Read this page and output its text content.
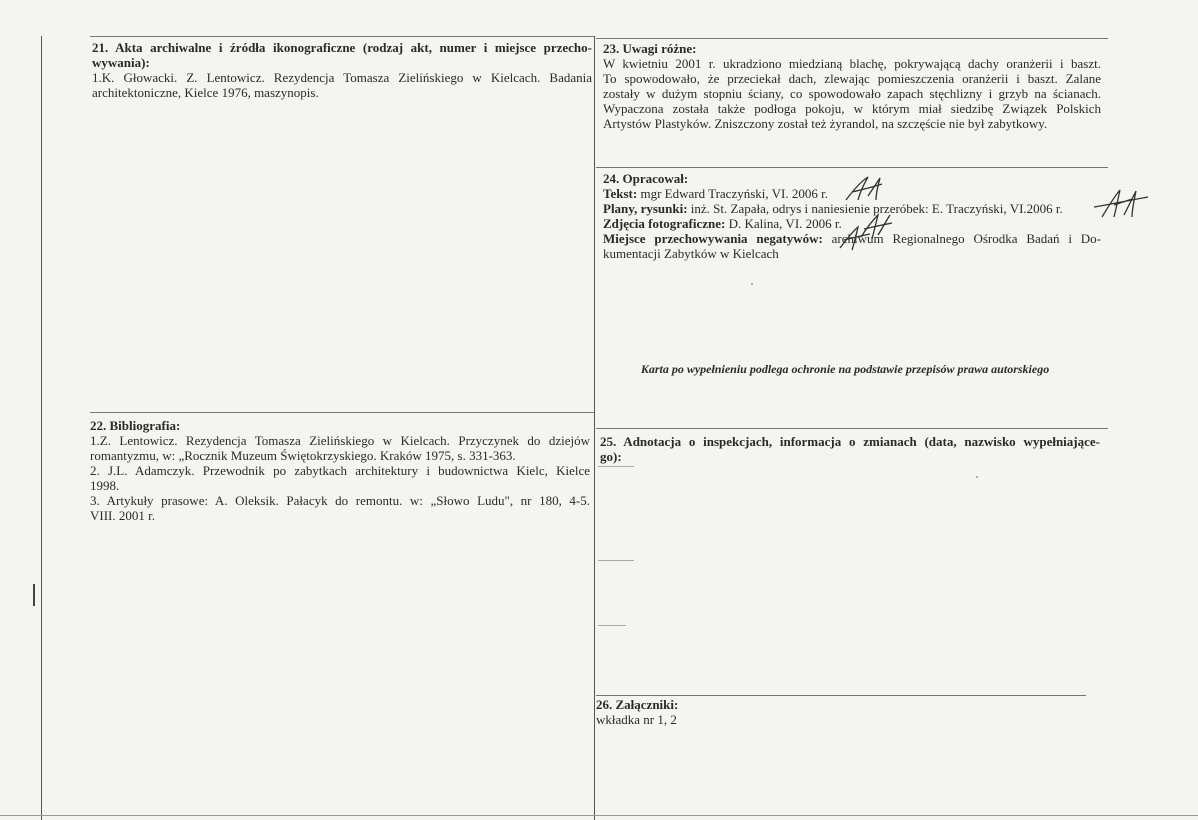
21. Akta archiwalne i źródła ikonograficzne (rodzaj akt, numer i miejsce przecho-
wywania):
1.K. Głowacki. Z. Lentowicz. Rezydencja Tomasza Zielińskiego w Kielcach. Badania
architektoniczne, Kielce 1976, maszynopis.
22. Bibliografia:
1.Z. Lentowicz. Rezydencja Tomasza Zielińskiego w Kielcach. Przyczynek do dziejów
romantyzmu, w: „Rocznik Muzeum Świętokrzyskiego. Kraków 1975, s. 331-363.
2. J.L. Adamczyk. Przewodnik po zabytkach architektury i budownictwa Kielc, Kielce
1998.
3. Artykuły prasowe: A. Oleksik. Pałacyk do remontu. w: „Słowo Ludu", nr 180, 4-5.
VIII. 2001 r.
23. Uwagi różne:
W kwietniu 2001 r. ukradziono miedzianą blachę, pokrywającą dachy oranżerii i baszt.
To spowodowało, że przeciekał dach, zlewając pomieszczenia oranżerii i baszt. Zalane
zostały w dużym stopniu ściany, co spowodowało zapach stęchlizny i grzyb na ścianach.
Wypaczona została także podłoga pokoju, w którym miał siedzibę Związek Polskich
Artystów Plastyków. Zniszczony został też żyrandol, na szczęście nie był zabytkowy.
24. Opracował:
Tekst: mgr Edward Traczyński, VI. 2006 r.
Plany, rysunki: inż. St. Zapała, odrys i naniesienie przeróbek: E. Traczyński, VI.2006 r.
Zdjęcia fotograficzne: D. Kalina, VI. 2006 r.
Miejsce przechowywania negatywów: archiwum Regionalnego Ośrodka Badań i Do-
kumentacji Zabytków w Kielcach
Karta po wypełnieniu podlega ochronie na podstawie przepisów prawa autorskiego
25. Adnotacja o inspekcjach, informacja o zmianach (data, nazwisko wypełniające-
go):
26. Załączniki:
wkładka nr 1, 2
